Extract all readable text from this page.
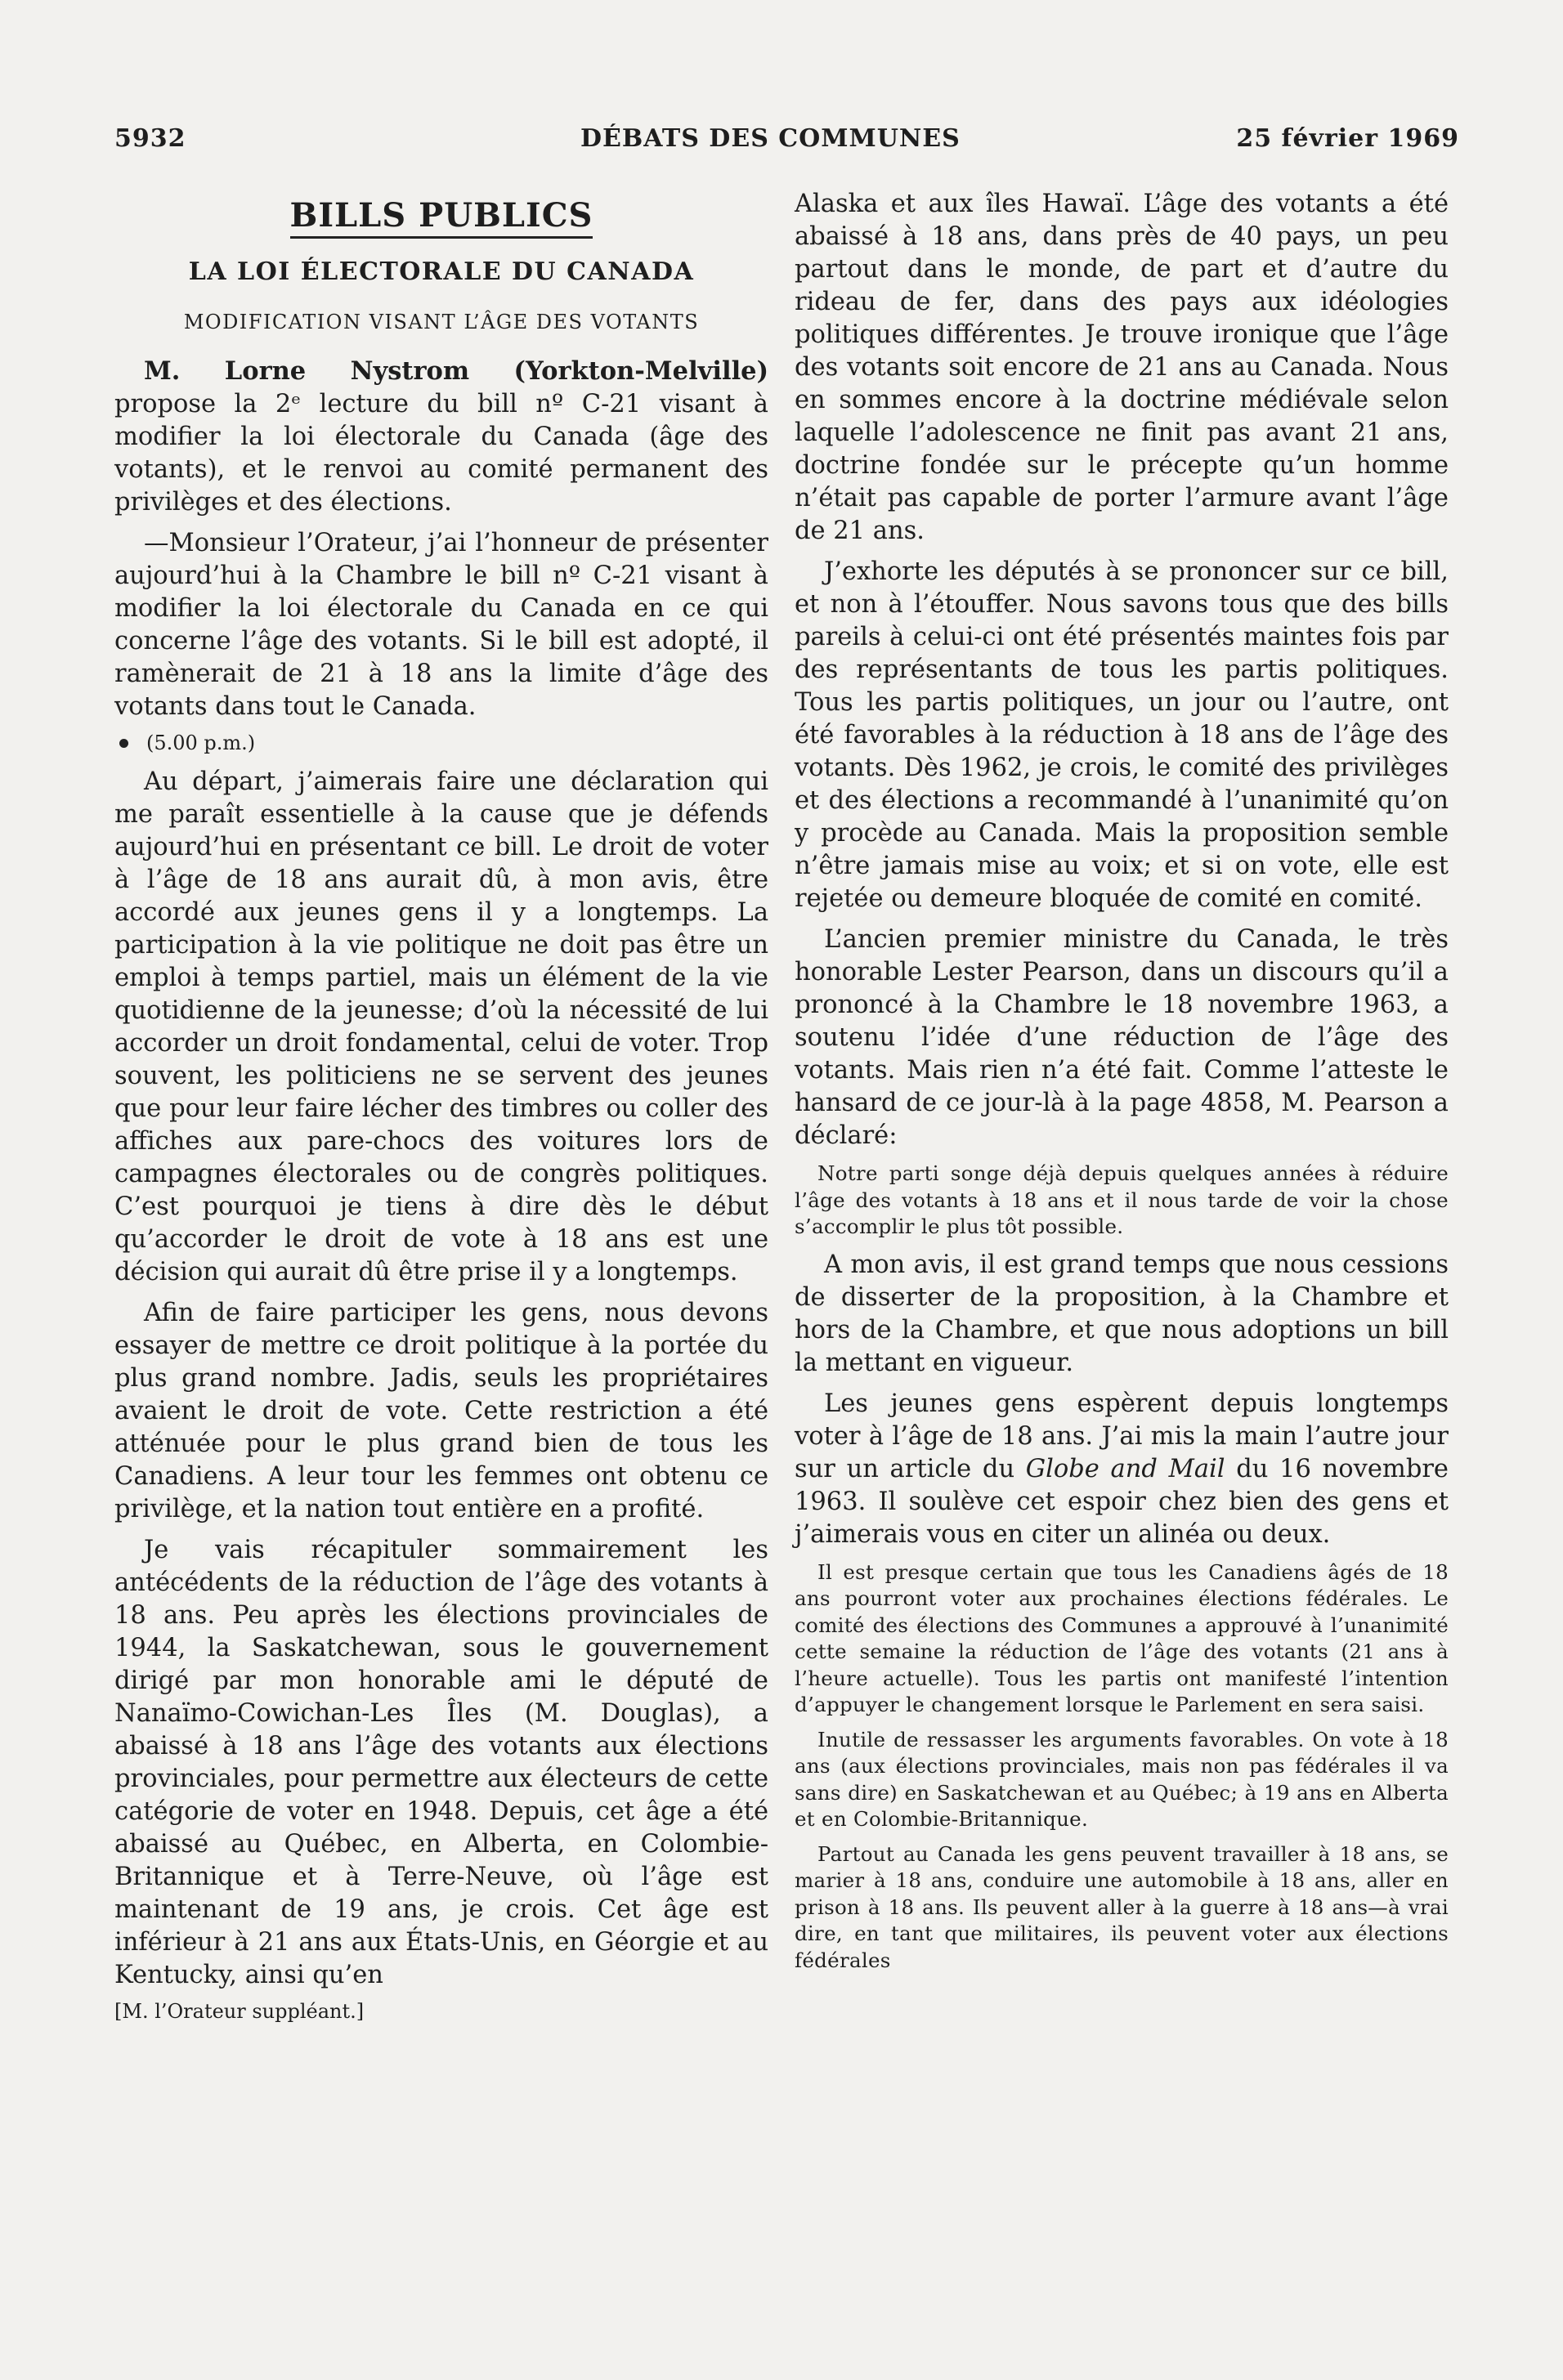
5932	DÉBATS DES COMMUNES	25 février 1969
BILLS PUBLICS
LA LOI ÉLECTORALE DU CANADA
MODIFICATION VISANT L’ÂGE DES VOTANTS

M. Lorne Nystrom (Yorkton-Melville) propose la 2ᵉ lecture du bill nº C-21 visant à modifier la loi électorale du Canada (âge des votants), et le renvoi au comité permanent des privilèges et des élections.

—Monsieur l’Orateur, j’ai l’honneur de présenter aujourd’hui à la Chambre le bill nº C-21 visant à modifier la loi électorale du Canada en ce qui concerne l’âge des votants. Si le bill est adopté, il ramènerait de 21 à 18 ans la limite d’âge des votants dans tout le Canada.

(5.00 p.m.)

Au départ, j’aimerais faire une déclaration qui me paraît essentielle à la cause que je défends aujourd’hui en présentant ce bill. Le droit de voter à l’âge de 18 ans aurait dû, à mon avis, être accordé aux jeunes gens il y a longtemps. La participation à la vie politique ne doit pas être un emploi à temps partiel, mais un élément de la vie quotidienne de la jeunesse; d’où la nécessité de lui accorder un droit fondamental, celui de voter. Trop souvent, les politiciens ne se servent des jeunes que pour leur faire lécher des timbres ou coller des affiches aux pare-chocs des voitures lors de campagnes électorales ou de congrès politiques. C’est pourquoi je tiens à dire dès le début qu’accorder le droit de vote à 18 ans est une décision qui aurait dû être prise il y a longtemps.

Afin de faire participer les gens, nous devons essayer de mettre ce droit politique à la portée du plus grand nombre. Jadis, seuls les propriétaires avaient le droit de vote. Cette restriction a été atténuée pour le plus grand bien de tous les Canadiens. A leur tour les femmes ont obtenu ce privilège, et la nation tout entière en a profité.

Je vais récapituler sommairement les antécédents de la réduction de l’âge des votants à 18 ans. Peu après les élections provinciales de 1944, la Saskatchewan, sous le gouvernement dirigé par mon honorable ami le député de Nanaïmo-Cowichan-Les Îles (M. Douglas), a abaissé à 18 ans l’âge des votants aux élections provinciales, pour permettre aux électeurs de cette catégorie de voter en 1948. Depuis, cet âge a été abaissé au Québec, en Alberta, en Colombie-Britannique et à Terre-Neuve, où l’âge est maintenant de 19 ans, je crois. Cet âge est inférieur à 21 ans aux États-Unis, en Géorgie et au Kentucky, ainsi qu’en

[M. l’Orateur suppléant.]

Alaska et aux îles Hawaï. L’âge des votants a été abaissé à 18 ans, dans près de 40 pays, un peu partout dans le monde, de part et d’autre du rideau de fer, dans des pays aux idéologies politiques différentes. Je trouve ironique que l’âge des votants soit encore de 21 ans au Canada. Nous en sommes encore à la doctrine médiévale selon laquelle l’adolescence ne finit pas avant 21 ans, doctrine fondée sur le précepte qu’un homme n’était pas capable de porter l’armure avant l’âge de 21 ans.

J’exhorte les députés à se prononcer sur ce bill, et non à l’étouffer. Nous savons tous que des bills pareils à celui-ci ont été présentés maintes fois par des représentants de tous les partis politiques. Tous les partis politiques, un jour ou l’autre, ont été favorables à la réduction à 18 ans de l’âge des votants. Dès 1962, je crois, le comité des privilèges et des élections a recommandé à l’unanimité qu’on y procède au Canada. Mais la proposition semble n’être jamais mise au voix; et si on vote, elle est rejetée ou demeure bloquée de comité en comité.

L’ancien premier ministre du Canada, le très honorable Lester Pearson, dans un discours qu’il a prononcé à la Chambre le 18 novembre 1963, a soutenu l’idée d’une réduction de l’âge des votants. Mais rien n’a été fait. Comme l’atteste le hansard de ce jour-là à la page 4858, M. Pearson a déclaré:

Notre parti songe déjà depuis quelques années à réduire l’âge des votants à 18 ans et il nous tarde de voir la chose s’accomplir le plus tôt possible.

A mon avis, il est grand temps que nous cessions de disserter de la proposition, à la Chambre et hors de la Chambre, et que nous adoptions un bill la mettant en vigueur.

Les jeunes gens espèrent depuis longtemps voter à l’âge de 18 ans. J’ai mis la main l’autre jour sur un article du Globe and Mail du 16 novembre 1963. Il soulève cet espoir chez bien des gens et j’aimerais vous en citer un alinéa ou deux.

Il est presque certain que tous les Canadiens âgés de 18 ans pourront voter aux prochaines élections fédérales. Le comité des élections des Communes a approuvé à l’unanimité cette semaine la réduction de l’âge des votants (21 ans à l’heure actuelle). Tous les partis ont manifesté l’intention d’appuyer le changement lorsque le Parlement en sera saisi.

Inutile de ressasser les arguments favorables. On vote à 18 ans (aux élections provinciales, mais non pas fédérales il va sans dire) en Saskatchewan et au Québec; à 19 ans en Alberta et en Colombie-Britannique.

Partout au Canada les gens peuvent travailler à 18 ans, se marier à 18 ans, conduire une automobile à 18 ans, aller en prison à 18 ans. Ils peuvent aller à la guerre à 18 ans—à vrai dire, en tant que militaires, ils peuvent voter aux élections fédérales
